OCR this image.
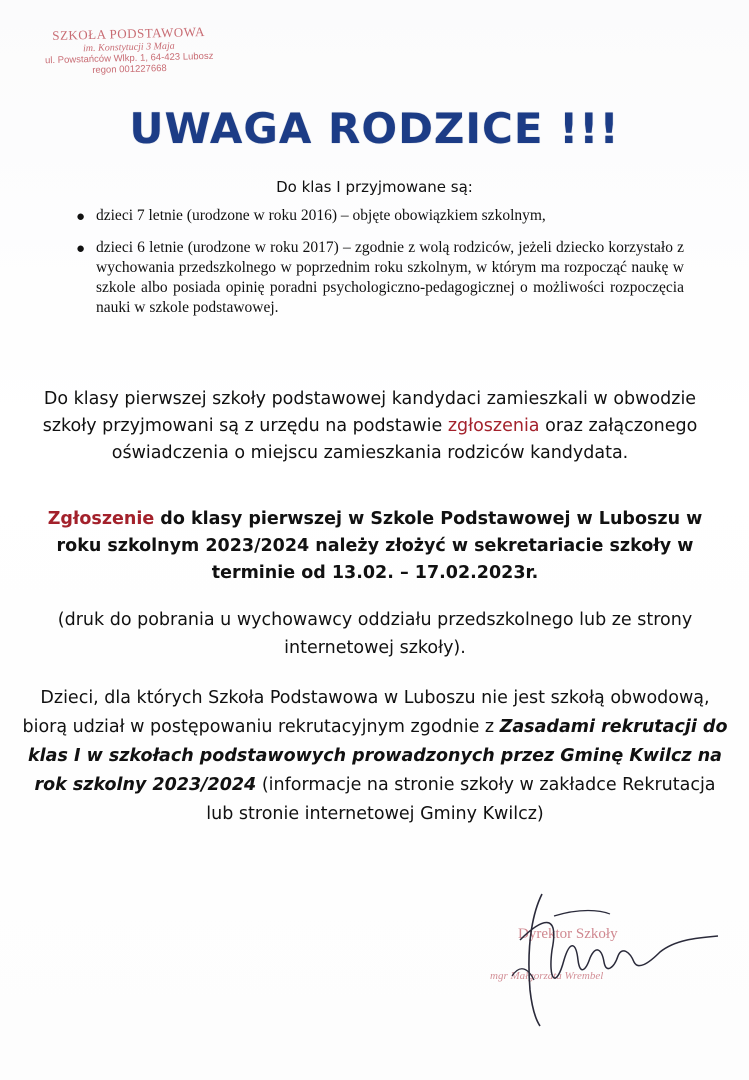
SZKOŁA PODSTAWOWA
im. Konstytucji 3 Maja
ul. Powstańców Wlkp. 1, 64-423 Lubosz
regon 001227668
UWAGA RODZICE !!!
Do klas I przyjmowane są:
● dzieci 7 letnie (urodzone w roku 2016) – objęte obowiązkiem szkolnym,
● dzieci 6 letnie (urodzone w roku 2017) – zgodnie z wolą rodziców, jeżeli dziecko korzystało z wychowania przedszkolnego w poprzednim roku szkolnym, w którym ma rozpocząć naukę w szkole albo posiada opinię poradni psychologiczno-pedagogicznej o możliwości rozpoczęcia nauki w szkole podstawowej.
Do klasy pierwszej szkoły podstawowej kandydaci zamieszkali w obwodzie szkoły przyjmowani są z urzędu na podstawie zgłoszenia oraz załączonego oświadczenia o miejscu zamieszkania rodziców kandydata.
Zgłoszenie do klasy pierwszej w Szkole Podstawowej w Luboszu w roku szkolnym 2023/2024 należy złożyć w sekretariacie szkoły w terminie od 13.02. – 17.02.2023r.
(druk do pobrania u wychowawcy oddziału przedszkolnego lub ze strony internetowej szkoły).
Dzieci, dla których Szkoła Podstawowa w Luboszu nie jest szkołą obwodową, biorą udział w postępowaniu rekrutacyjnym zgodnie z Zasadami rekrutacji do klas I w szkołach podstawowych prowadzonych przez Gminę Kwilcz na rok szkolny 2023/2024 (informacje na stronie szkoły w zakładce Rekrutacja lub stronie internetowej Gminy Kwilcz)
Dyrektor Szkoły
mgr Małgorzata Wrembel
